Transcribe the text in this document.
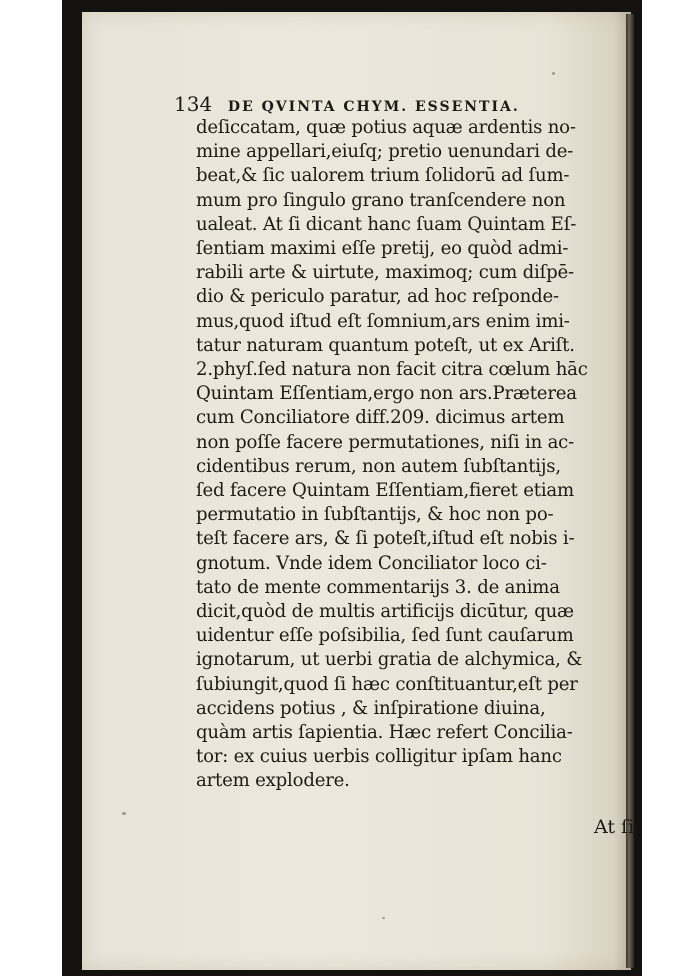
134 DE QVINTA CHYM. ESSENTIA.
deſiccatam, quæ potius aquæ ardentis no- mine appellari,eiuſq; pretio uenundari de- beat,& ſic ualorem trium ſolidorū ad ſum- mum pro ſingulo grano tranſcendere non ualeat. At ſi dicant hanc ſuam Quintam Eſ- ſentiam maximi eſſe pretij, eo quòd admi- rabili arte & uirtute, maximoq; cum diſpē- dio & periculo paratur, ad hoc reſponde- mus,quod iſtud eſt ſomnium,ars enim imi- tatur naturam quantum poteſt, ut ex Ariſt. 2.phyſ.ſed natura non facit citra cœlum hāc Quintam Eſſentiam,ergo non ars.Præterea cum Conciliatore diff.209. dicimus artem non poſſe facere permutationes, niſi in ac- cidentibus rerum, non autem ſubſtantijs, ſed facere Quintam Eſſentiam,fieret etiam permutatio in ſubſtantijs, & hoc non po- teſt facere ars, & ſi poteſt,iſtud eſt nobis i- gnotum. Vnde idem Conciliator loco ci- tato de mente commentarijs 3. de anima dicit,quòd de multis artificijs dicūtur, quæ uidentur eſſe poſsibilia, ſed ſunt cauſarum ignotarum, ut uerbi gratia de alchymica, & ſubiungit,quod ſi hæc conſtituantur,eſt per accidens potius , & inſpiratione diuina, quàm artis ſapientia. Hæc refert Concilia- tor: ex cuius uerbis colligitur ipſam hanc artem explodere.
At ſi
